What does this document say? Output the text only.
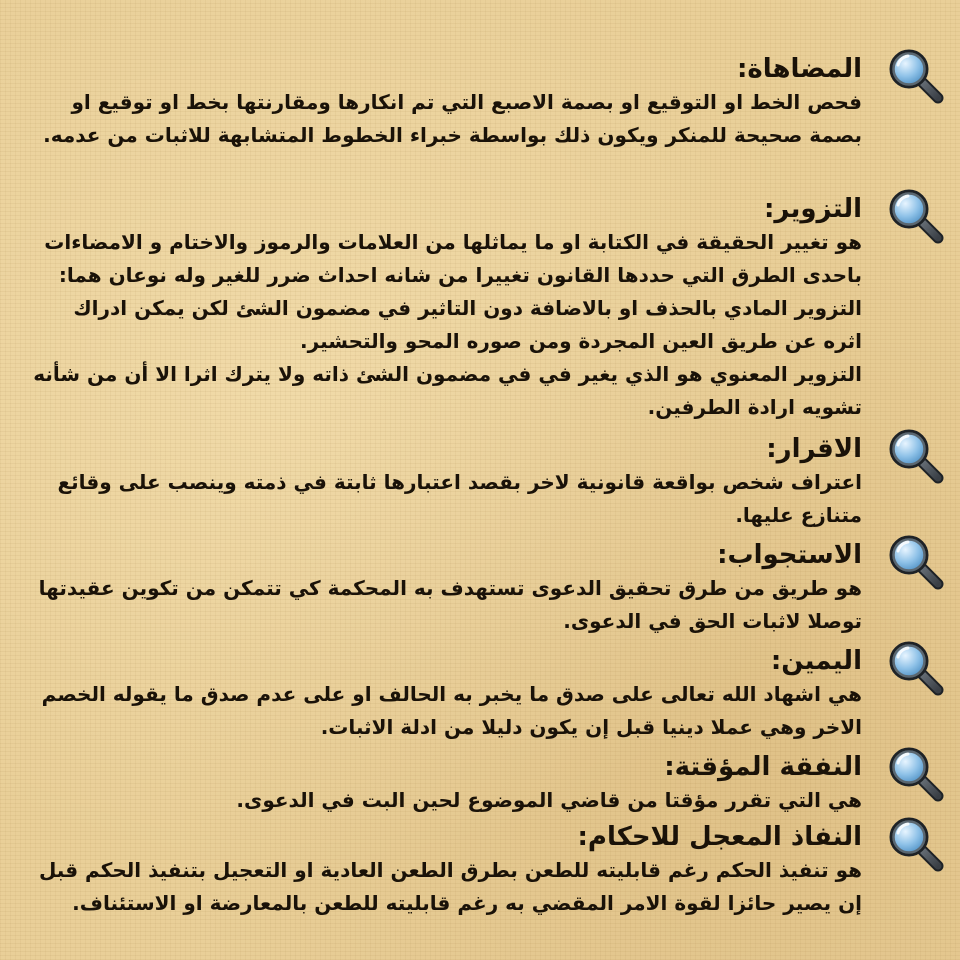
المضاهاة:

فحص الخط او التوقيع او بصمة الاصبع التي تم انكارها ومقارنتها بخط او توقيع او بصمة صحيحة للمنكر ويكون ذلك بواسطة خبراء الخطوط المتشابهة للاثبات من عدمه.

التزوير:

هو تغيير الحقيقة في الكتابة او ما يماثلها من العلامات والرموز والاختام و الامضاءات باحدى الطرق التي حددها القانون تغييرا من شانه احداث ضرر للغير وله نوعان هما:
التزوير المادي بالحذف او بالاضافة دون التاثير في مضمون الشئ لكن يمكن ادراك اثره عن طريق العين المجردة ومن صوره المحو والتحشير.
التزوير المعنوي هو الذي يغير في في مضمون الشئ ذاته ولا يترك اثرا الا أن من شأنه تشويه ارادة الطرفين.

الاقرار:

اعتراف شخص بواقعة قانونية لاخر بقصد اعتبارها ثابتة في ذمته وينصب على وقائع متنازع عليها.

الاستجواب:

هو طريق من طرق تحقيق الدعوى تستهدف به المحكمة كي تتمكن من تكوين عقيدتها توصلا لاثبات الحق في الدعوى.

اليمين:

هي اشهاد الله تعالى على صدق ما يخبر به الحالف او على عدم صدق ما يقوله الخصم الاخر وهي عملا دينيا قبل إن يكون دليلا من ادلة الاثبات.

النفقة المؤقتة:

هي التي تقرر مؤقتا من قاضي الموضوع لحين البت في الدعوى.

النفاذ المعجل للاحكام:

هو تنفيذ الحكم رغم قابليته للطعن بطرق الطعن العادية او التعجيل بتنفيذ الحكم قبل إن يصير حائزا لقوة الامر المقضي به رغم قابليته للطعن بالمعارضة او الاستئناف.
